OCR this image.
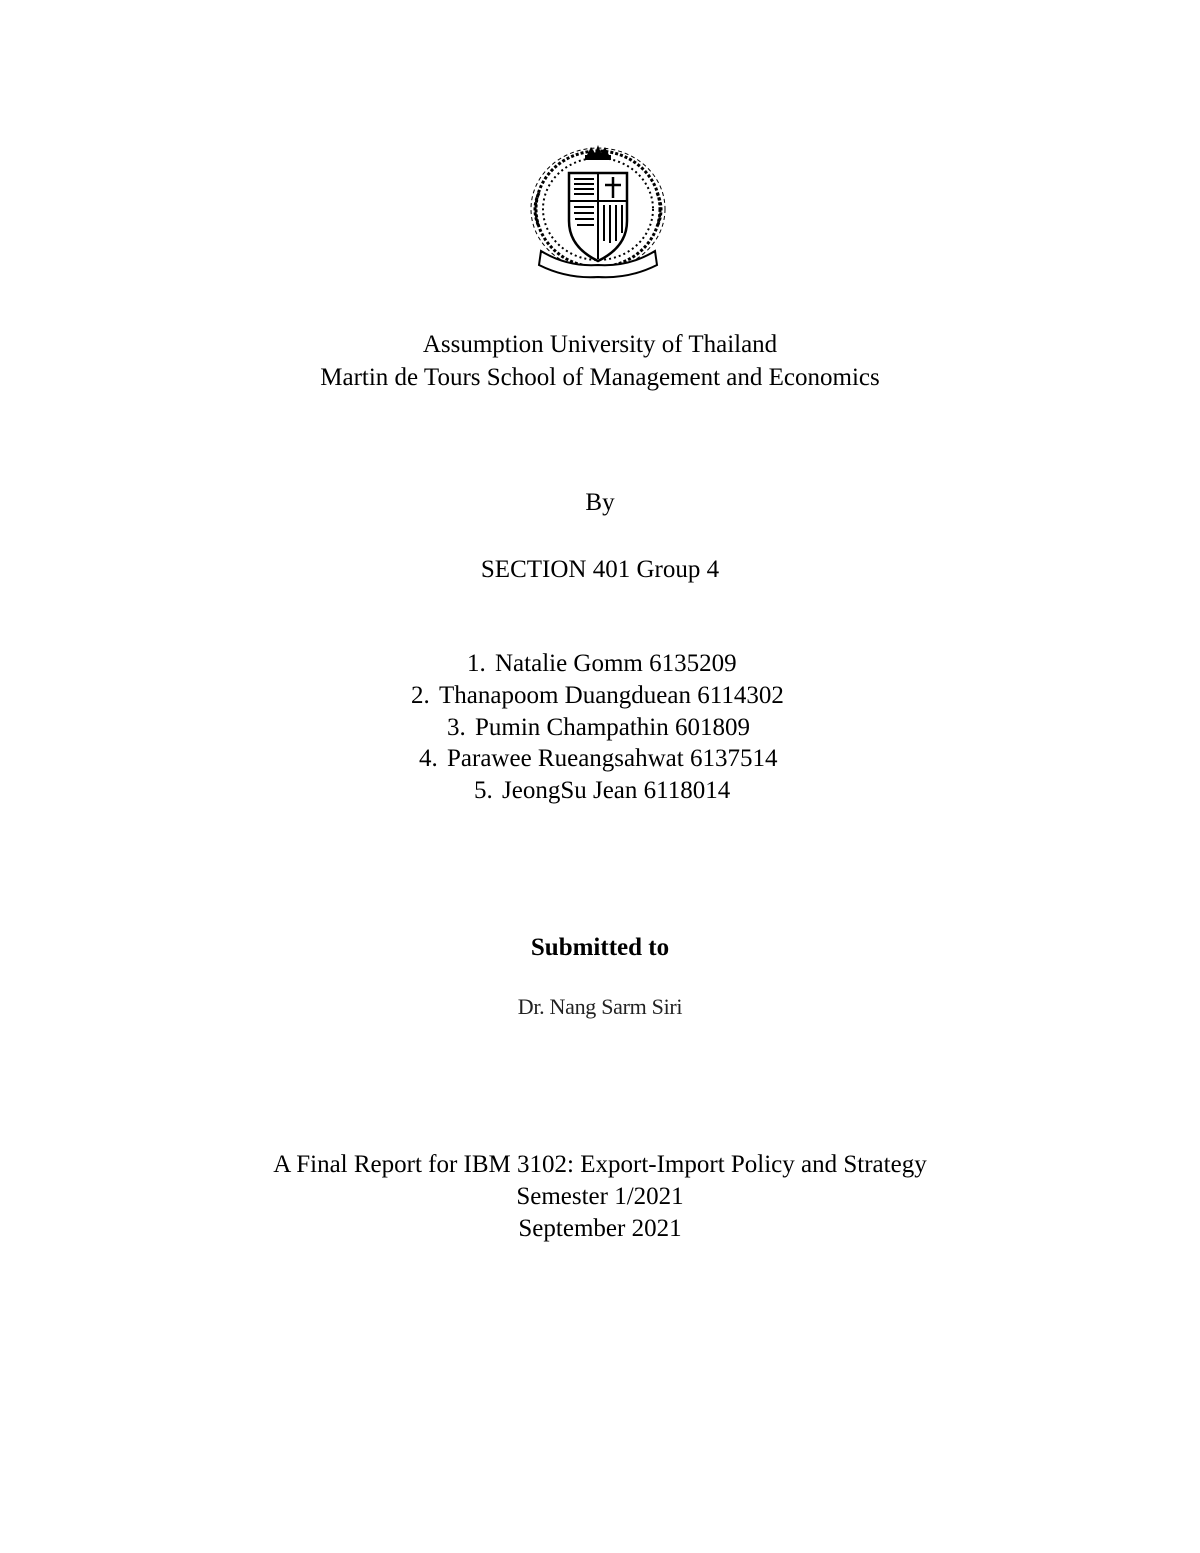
Assumption University of Thailand
Martin de Tours School of Management and Economics
By
SECTION 401 Group 4
1. Natalie Gomm 6135209
2. Thanapoom Duangduean 6114302
3. Pumin Champathin 601809
4. Parawee Rueangsahwat 6137514
5. JeongSu Jean 6118014
Submitted to
Dr. Nang Sarm Siri
A Final Report for IBM 3102: Export-Import Policy and Strategy
Semester 1/2021
September 2021
